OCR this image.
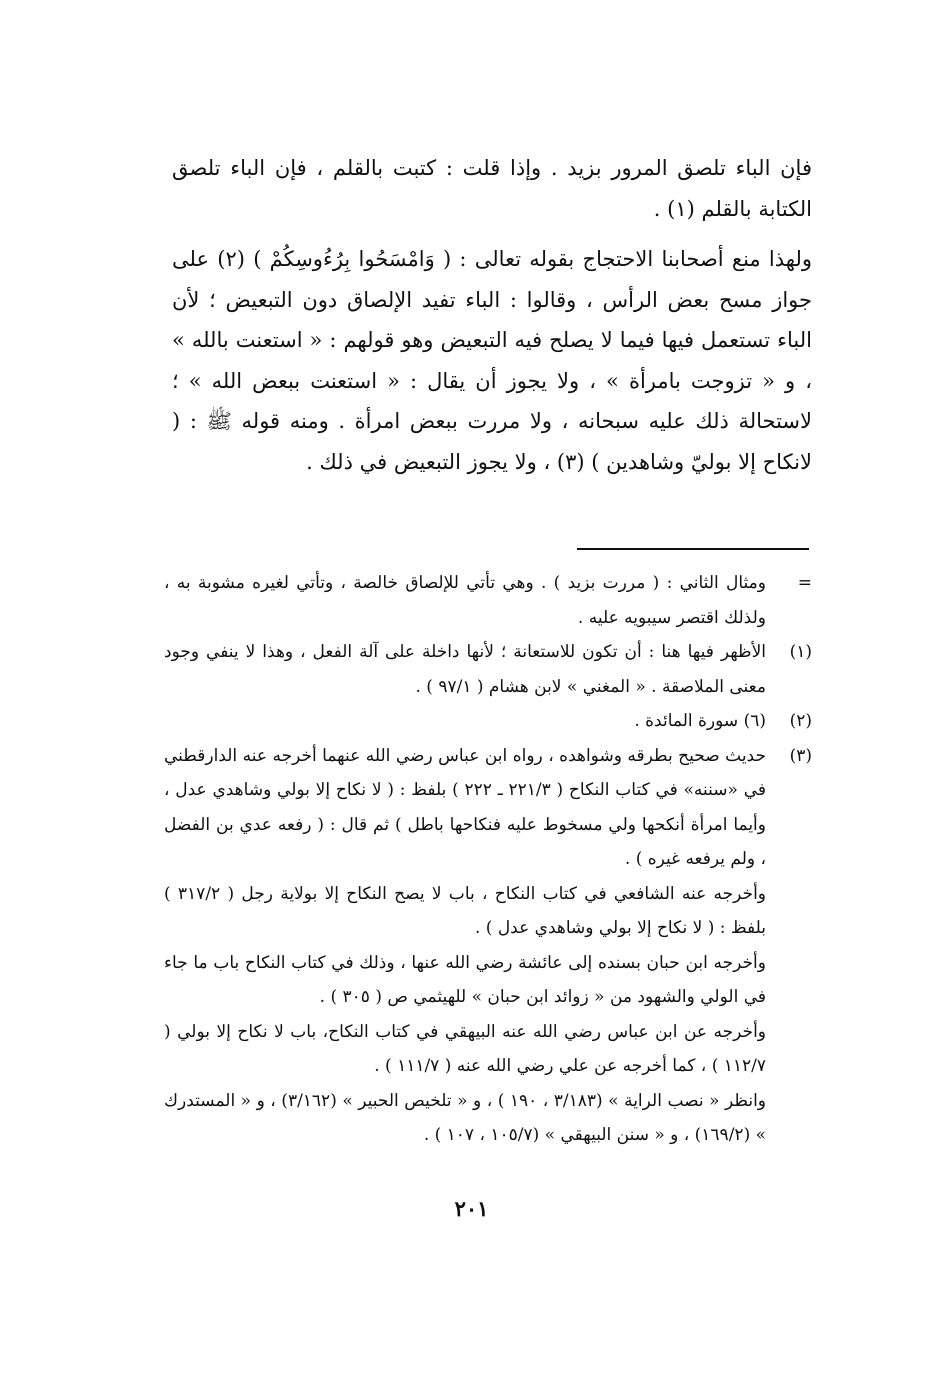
فإن الباء تلصق المرور بزيد . وإذا قلت : كتبت بالقلم ، فإن الباء تلصق الكتابة بالقلم (١) .

ولهذا منع أصحابنا الاحتجاج بقوله تعالى : ( وَامْسَحُوا بِرُءُوسِكُمْ ) (٢) على جواز مسح بعض الرأس ، وقالوا : الباء تفيد الإلصاق دون التبعيض ؛ لأن الباء تستعمل فيها فيما لا يصلح فيه التبعيض وهو قولهم : « استعنت بالله » ، و « تزوجت بامرأة » ، ولا يجوز أن يقال : « استعنت ببعض الله » ؛ لاستحالة ذلك عليه سبحانه ، ولا مررت ببعض امرأة . ومنه قوله ﷺ : ( لانكاح إلا بوليّ وشاهدين ) (٣) ، ولا يجوز التبعيض في ذلك .

=
ومثال الثاني : ( مررت بزيد ) . وهي تأتي للإلصاق خالصة ، وتأتي لغيره مشوبة به ، ولذلك اقتصر سيبويه عليه .
(١)
الأظهر فيها هنا : أن تكون للاستعانة ؛ لأنها داخلة على آلة الفعل ، وهذا لا ينفي وجود معنى الملاصقة . « المغني » لابن هشام ( ٩٧/١ ) .
(٢)
(٦) سورة المائدة .
(٣)
حديث صحيح بطرقه وشواهده ، رواه ابن عباس رضي الله عنهما أخرجه عنه الدارقطني في «سننه» في كتاب النكاح ( ٢٢١/٣ ـ ٢٢٢ ) بلفظ : ( لا نكاح إلا بولي وشاهدي عدل ، وأيما امرأة أنكحها ولي مسخوط عليه فنكاحها باطل ) ثم قال : ( رفعه عدي بن الفضل ، ولم يرفعه غيره ) .
وأخرجه عنه الشافعي في كتاب النكاح ، باب لا يصح النكاح إلا بولاية رجل ( ٣١٧/٢ ) بلفظ : ( لا نكاح إلا بولي وشاهدي عدل ) .
وأخرجه ابن حبان بسنده إلى عائشة رضي الله عنها ، وذلك في كتاب النكاح باب ما جاء في الولي والشهود من « زوائد ابن حبان » للهيثمي ص ( ٣٠٥ ) .
وأخرجه عن ابن عباس رضي الله عنه البيهقي في كتاب النكاح، باب لا نكاح إلا بولي ( ١١٢/٧ ) ، كما أخرجه عن علي رضي الله عنه ( ١١١/٧ ) .
وانظر « نصب الراية » (٣/١٨٣ ، ١٩٠ ) ، و « تلخيص الحبير » (٣/١٦٢) ، و « المستدرك » (١٦٩/٢) ، و « سنن البيهقي » (١٠٥/٧ ، ١٠٧ ) .
٢٠١
